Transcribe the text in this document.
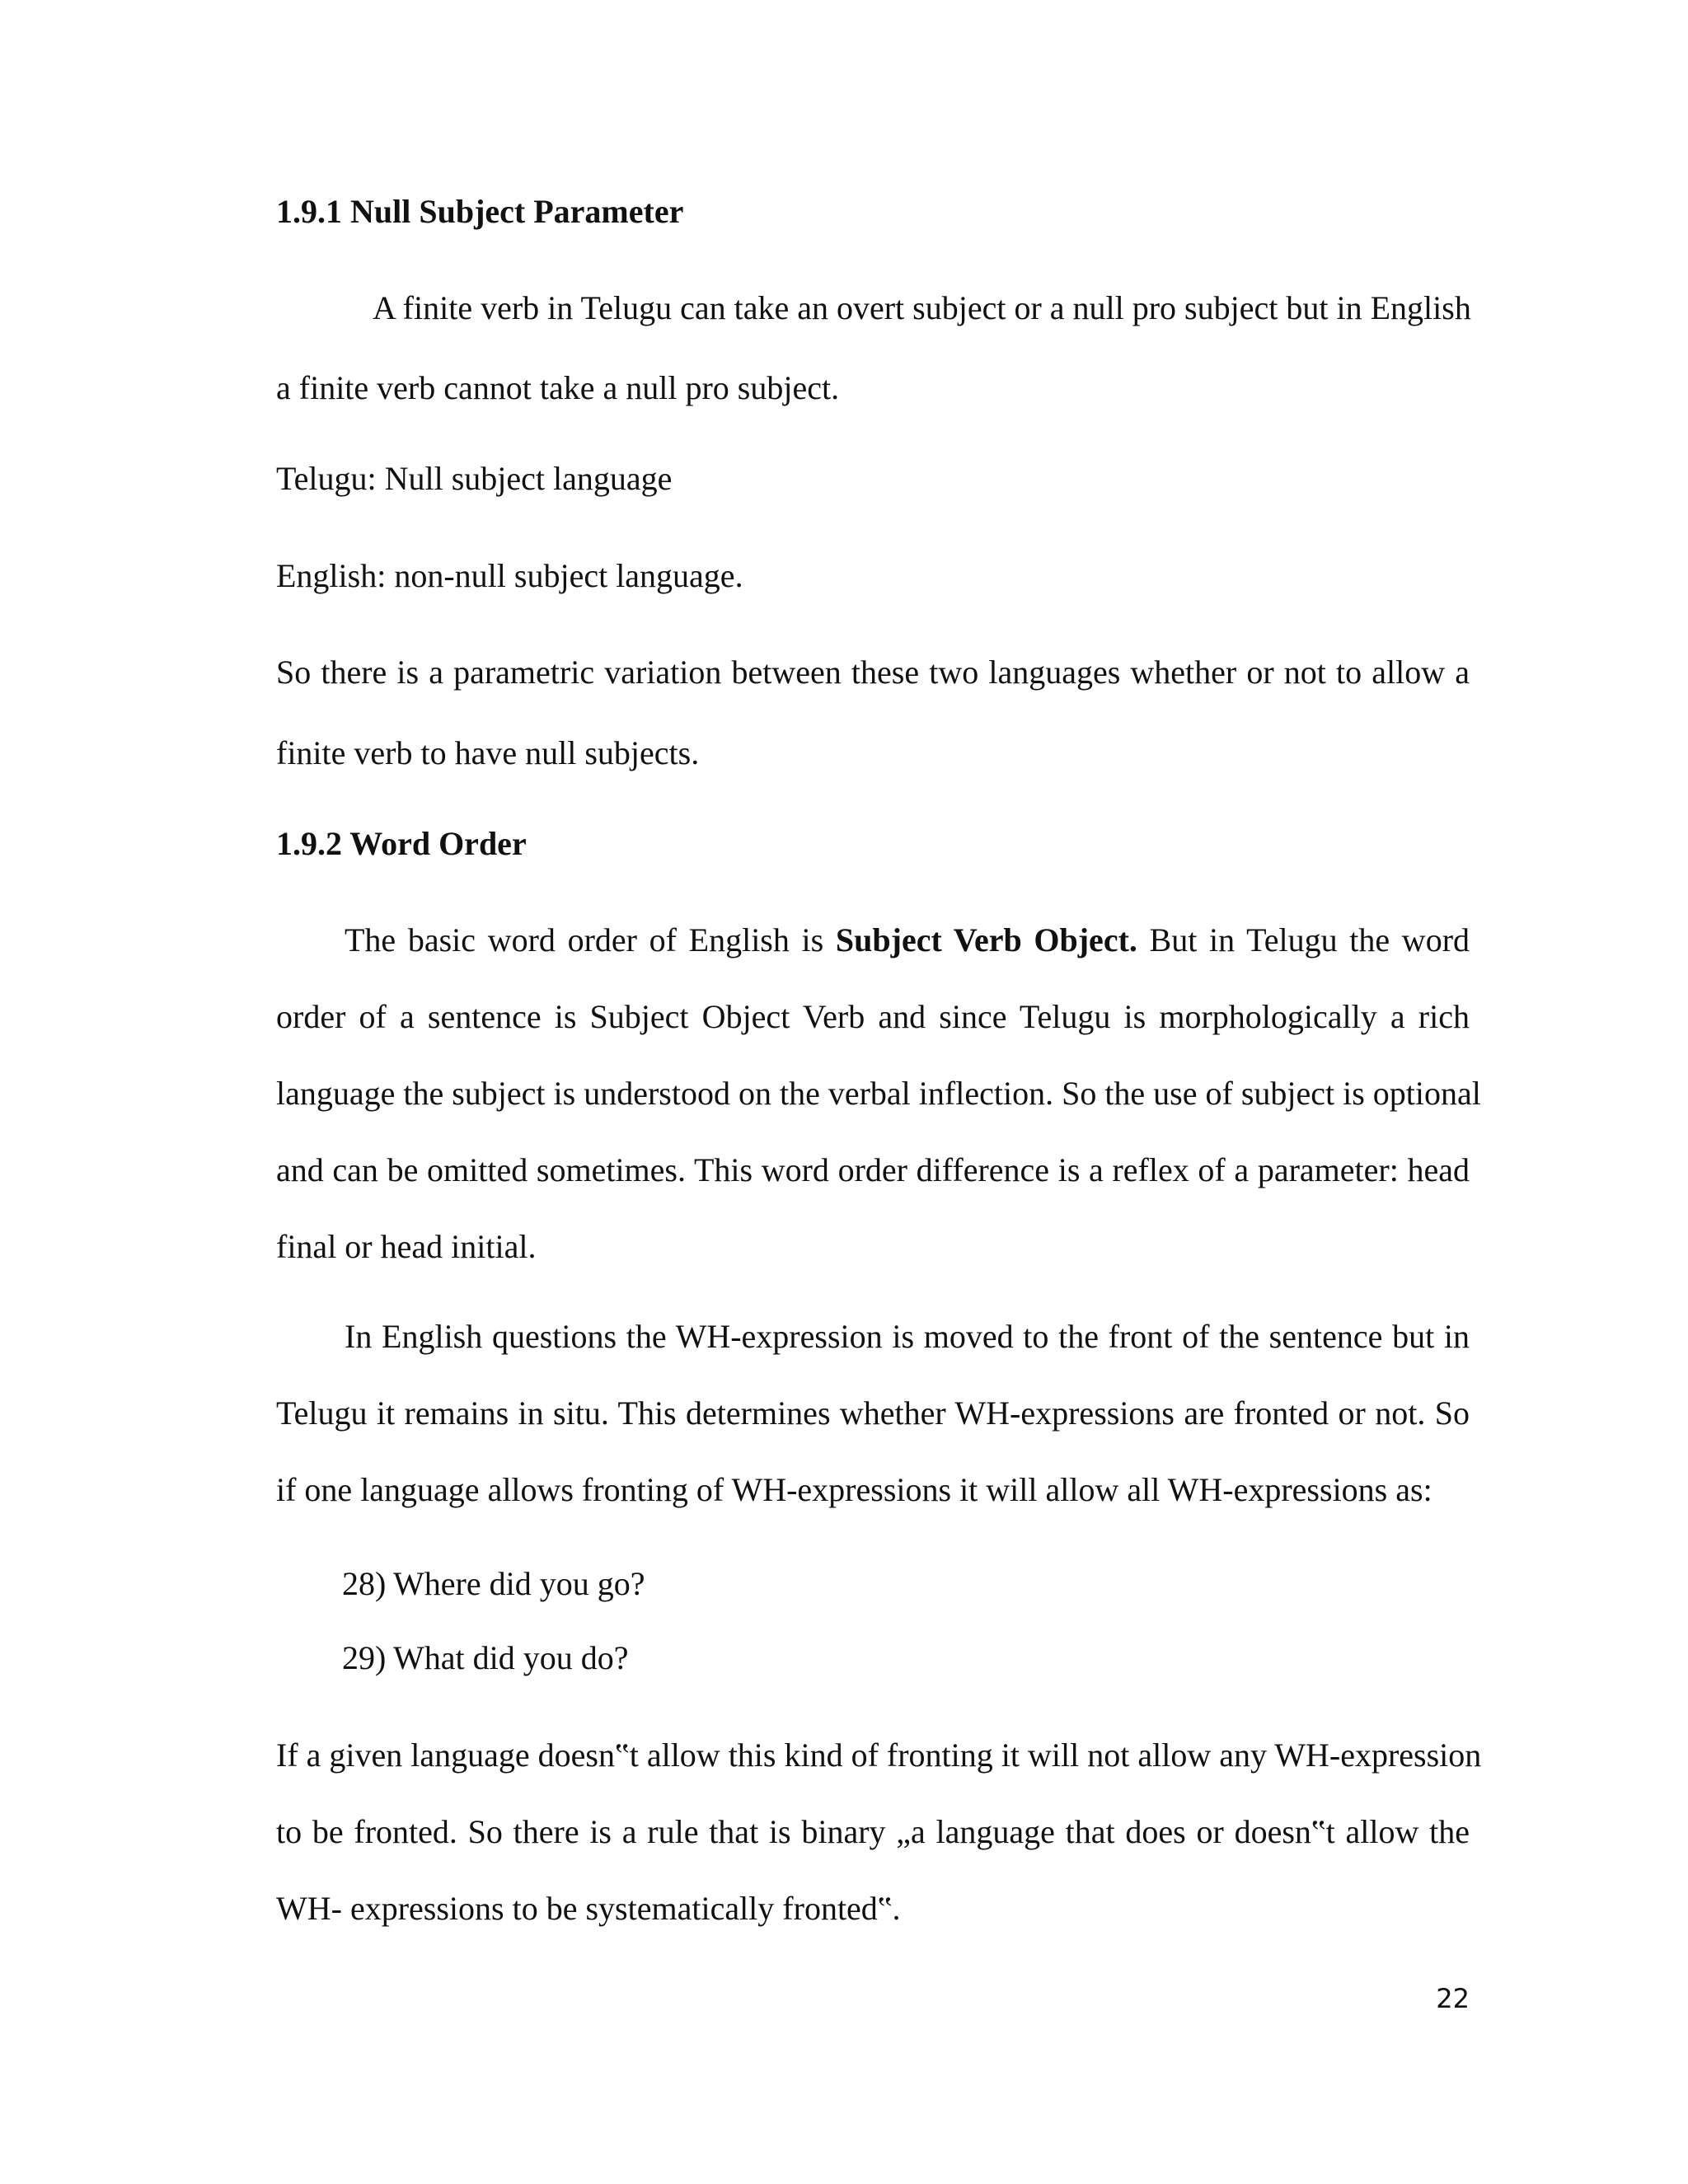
1.9.1 Null Subject Parameter
A finite verb in Telugu can take an overt subject or a null pro subject but in English
a finite verb cannot take a null pro subject.
Telugu: Null subject language
English: non-null subject language.
So there is a parametric variation between these two languages whether or not to allow a
finite verb to have null subjects.
1.9.2 Word Order
The basic word order of English is Subject Verb Object. But in Telugu the word
order of a sentence is Subject Object Verb and since Telugu is morphologically a rich
language the subject is understood on the verbal inflection. So the use of subject is optional
and can be omitted sometimes. This word order difference is a reflex of a parameter: head
final or head initial.
In English questions the WH-expression is moved to the front of the sentence but in
Telugu it remains in situ. This determines whether WH-expressions are fronted or not. So
if one language allows fronting of WH-expressions it will allow all WH-expressions as:
28) Where did you go?
29) What did you do?
If a given language doesn‟t allow this kind of fronting it will not allow any WH-expression
to be fronted. So there is a rule that is binary „a language that does or doesn‟t allow the
WH- expressions to be systematically fronted‟.
22
